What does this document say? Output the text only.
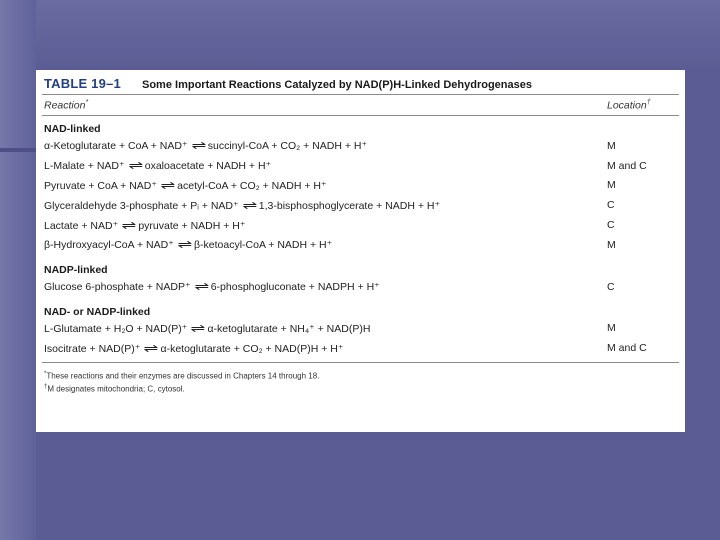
TABLE 19–1	Some Important Reactions Catalyzed by NAD(P)H-Linked Dehydrogenases
Reaction*	Location†
NAD-linked
α-Ketoglutarate + CoA + NAD⁺ ⇌ succinyl-CoA + CO₂ + NADH + H⁺	M
L-Malate + NAD⁺ ⇌ oxaloacetate + NADH + H⁺	M and C
Pyruvate + CoA + NAD⁺ ⇌ acetyl-CoA + CO₂ + NADH + H⁺	M
Glyceraldehyde 3-phosphate + Pᵢ + NAD⁺ ⇌ 1,3-bisphosphoglycerate + NADH + H⁺	C
Lactate + NAD⁺ ⇌ pyruvate + NADH + H⁺	C
β-Hydroxyacyl-CoA + NAD⁺ ⇌ β-ketoacyl-CoA + NADH + H⁺	M
NADP-linked
Glucose 6-phosphate + NADP⁺ ⇌ 6-phosphogluconate + NADPH + H⁺	C
NAD- or NADP-linked
L-Glutamate + H₂O + NAD(P)⁺ ⇌ α-ketoglutarate + NH₄⁺ + NAD(P)H	M
Isocitrate + NAD(P)⁺ ⇌ α-ketoglutarate + CO₂ + NAD(P)H + H⁺	M and C
*These reactions and their enzymes are discussed in Chapters 14 through 18.
†M designates mitochondria; C, cytosol.
